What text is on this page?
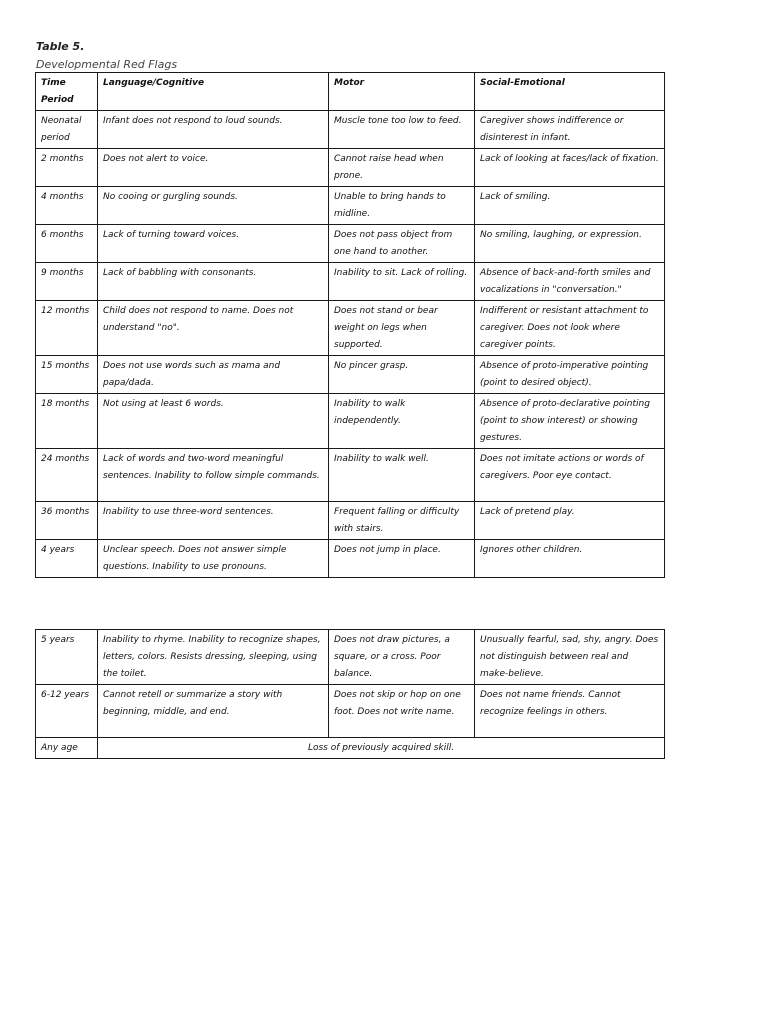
Table 5.
Developmental Red Flags
Time Period	Language/Cognitive	Motor	Social-Emotional
Neonatal period	Infant does not respond to loud sounds.	Muscle tone too low to feed.	Caregiver shows indifference or disinterest in infant.
2 months	Does not alert to voice.	Cannot raise head when prone.	Lack of looking at faces/lack of fixation.
4 months	No cooing or gurgling sounds.	Unable to bring hands to midline.	Lack of smiling.
6 months	Lack of turning toward voices.	Does not pass object from one hand to another.	No smiling, laughing, or expression.
9 months	Lack of babbling with consonants.	Inability to sit. Lack of rolling.	Absence of back-and-forth smiles and vocalizations in "conversation."
12 months	Child does not respond to name. Does not understand "no".	Does not stand or bear weight on legs when supported.	Indifferent or resistant attachment to caregiver. Does not look where caregiver points.
15 months	Does not use words such as mama and papa/dada.	No pincer grasp.	Absence of proto-imperative pointing (point to desired object).
18 months	Not using at least 6 words.	Inability to walk independently.	Absence of proto-declarative pointing (point to show interest) or showing gestures.
24 months	Lack of words and two-word meaningful sentences. Inability to follow simple commands.	Inability to walk well.	Does not imitate actions or words of caregivers. Poor eye contact.
36 months	Inability to use three-word sentences.	Frequent falling or difficulty with stairs.	Lack of pretend play.
4 years	Unclear speech. Does not answer simple questions. Inability to use pronouns.	Does not jump in place.	Ignores other children.
5 years	Inability to rhyme. Inability to recognize shapes, letters, colors. Resists dressing, sleeping, using the toilet.	Does not draw pictures, a square, or a cross. Poor balance.	Unusually fearful, sad, shy, angry. Does not distinguish between real and make-believe.
6-12 years	Cannot retell or summarize a story with beginning, middle, and end.	Does not skip or hop on one foot. Does not write name.	Does not name friends. Cannot recognize feelings in others.
Any age	Loss of previously acquired skill.		
